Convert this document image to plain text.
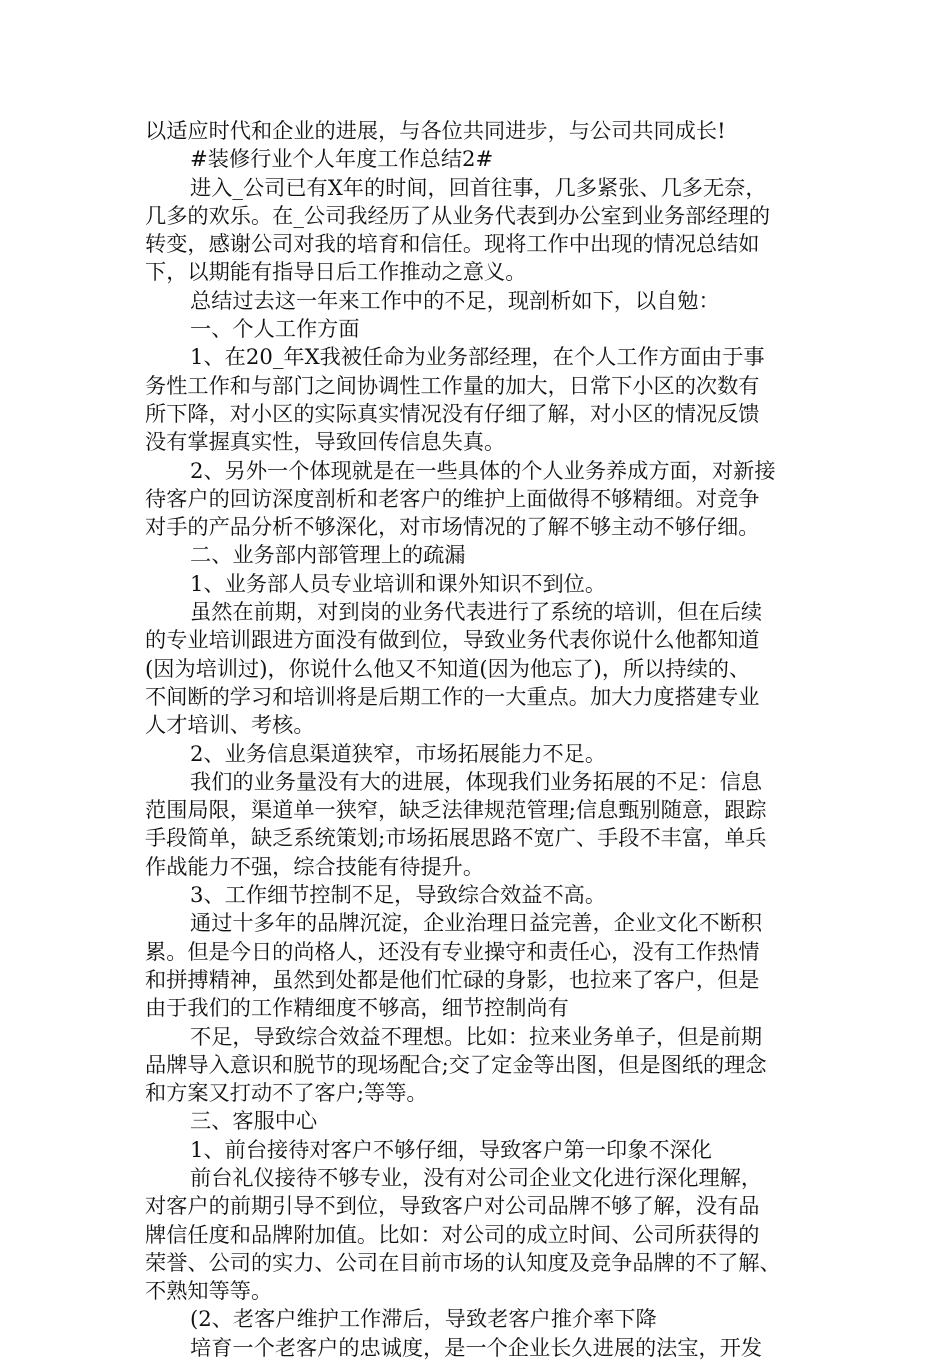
以适应时代和企业的进展，与各位共同进步，与公司共同成长!
#装修行业个人年度工作总结2#
进入_公司已有X年的时间，回首往事，几多紧张、几多无奈，
几多的欢乐。在_公司我经历了从业务代表到办公室到业务部经理的
转变，感谢公司对我的培育和信任。现将工作中出现的情况总结如
下，以期能有指导日后工作推动之意义。
总结过去这一年来工作中的不足，现剖析如下，以自勉：
一、个人工作方面
1、在20_年X我被任命为业务部经理，在个人工作方面由于事
务性工作和与部门之间协调性工作量的加大，日常下小区的次数有
所下降，对小区的实际真实情况没有仔细了解，对小区的情况反馈
没有掌握真实性，导致回传信息失真。
2、另外一个体现就是在一些具体的个人业务养成方面，对新接
待客户的回访深度剖析和老客户的维护上面做得不够精细。对竞争
对手的产品分析不够深化，对市场情况的了解不够主动不够仔细。
二、业务部内部管理上的疏漏
1、业务部人员专业培训和课外知识不到位。
虽然在前期，对到岗的业务代表进行了系统的培训，但在后续
的专业培训跟进方面没有做到位，导致业务代表你说什么他都知道
(因为培训过)，你说什么他又不知道(因为他忘了)，所以持续的、
不间断的学习和培训将是后期工作的一大重点。加大力度搭建专业
人才培训、考核。
2、业务信息渠道狭窄，市场拓展能力不足。
我们的业务量没有大的进展，体现我们业务拓展的不足：信息
范围局限，渠道单一狭窄，缺乏法律规范管理;信息甄别随意，跟踪
手段简单，缺乏系统策划;市场拓展思路不宽广、手段不丰富，单兵
作战能力不强，综合技能有待提升。
3、工作细节控制不足，导致综合效益不高。
通过十多年的品牌沉淀，企业治理日益完善，企业文化不断积
累。但是今日的尚格人，还没有专业操守和责任心，没有工作热情
和拼搏精神，虽然到处都是他们忙碌的身影，也拉来了客户，但是
由于我们的工作精细度不够高，细节控制尚有
不足，导致综合效益不理想。比如：拉来业务单子，但是前期
品牌导入意识和脱节的现场配合;交了定金等出图，但是图纸的理念
和方案又打动不了客户;等等。
三、客服中心
1、前台接待对客户不够仔细，导致客户第一印象不深化
前台礼仪接待不够专业，没有对公司企业文化进行深化理解，
对客户的前期引导不到位，导致客户对公司品牌不够了解，没有品
牌信任度和品牌附加值。比如：对公司的成立时间、公司所获得的
荣誉、公司的实力、公司在目前市场的认知度及竞争品牌的不了解、
不熟知等等。
(2、老客户维护工作滞后，导致老客户推介率下降
培育一个老客户的忠诚度，是一个企业长久进展的法宝，开发
